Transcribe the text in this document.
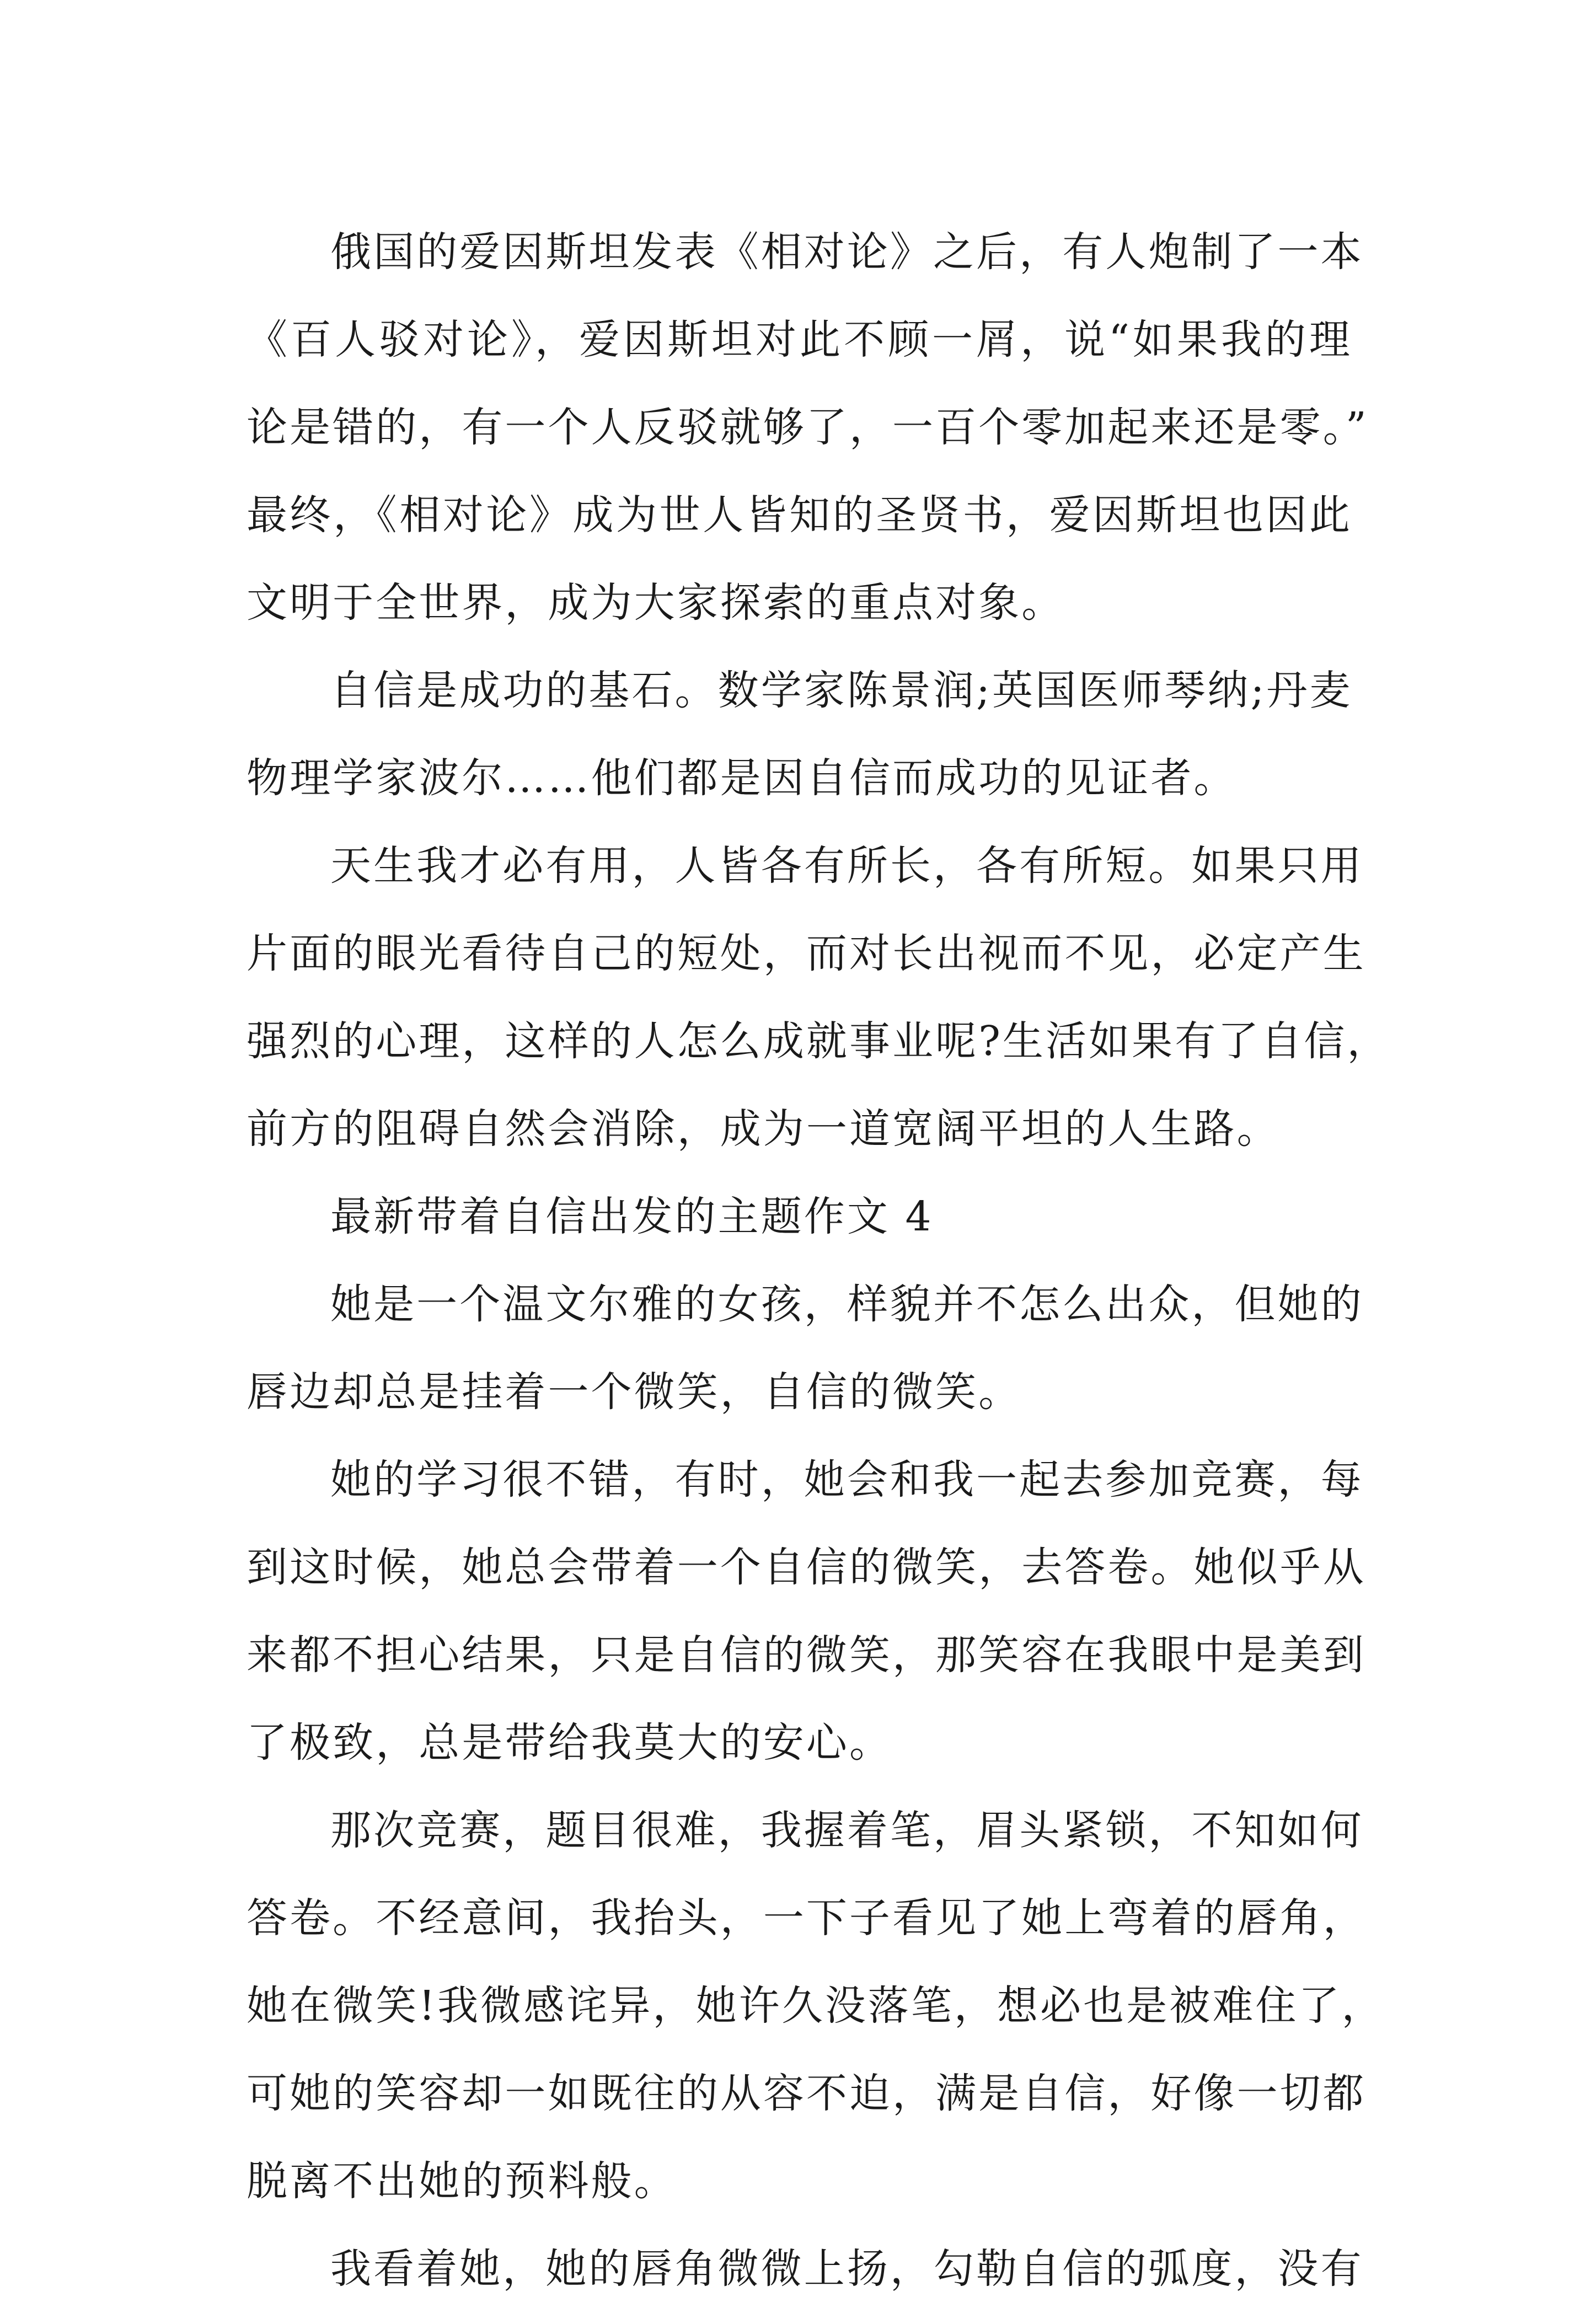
俄国的爱因斯坦发表《相对论》之后，有人炮制了一本
《百人驳对论》，爱因斯坦对此不顾一屑，说“如果我的理
论是错的，有一个人反驳就够了，一百个零加起来还是零。”
最终，《相对论》成为世人皆知的圣贤书，爱因斯坦也因此
文明于全世界，成为大家探索的重点对象。
自信是成功的基石。数学家陈景润;英国医师琴纳;丹麦
物理学家波尔……他们都是因自信而成功的见证者。
天生我才必有用，人皆各有所长，各有所短。如果只用
片面的眼光看待自己的短处，而对长出视而不见，必定产生
强烈的心理，这样的人怎么成就事业呢?生活如果有了自信，
前方的阻碍自然会消除，成为一道宽阔平坦的人生路。
最新带着自信出发的主题作文 4
她是一个温文尔雅的女孩，样貌并不怎么出众，但她的
唇边却总是挂着一个微笑，自信的微笑。
她的学习很不错，有时，她会和我一起去参加竞赛，每
到这时候，她总会带着一个自信的微笑，去答卷。她似乎从
来都不担心结果，只是自信的微笑，那笑容在我眼中是美到
了极致，总是带给我莫大的安心。
那次竞赛，题目很难，我握着笔，眉头紧锁，不知如何
答卷。不经意间，我抬头，一下子看见了她上弯着的唇角，
她在微笑!我微感诧异，她许久没落笔，想必也是被难住了，
可她的笑容却一如既往的从容不迫，满是自信，好像一切都
脱离不出她的预料般。
我看着她，她的唇角微微上扬，勾勒自信的弧度，没有
